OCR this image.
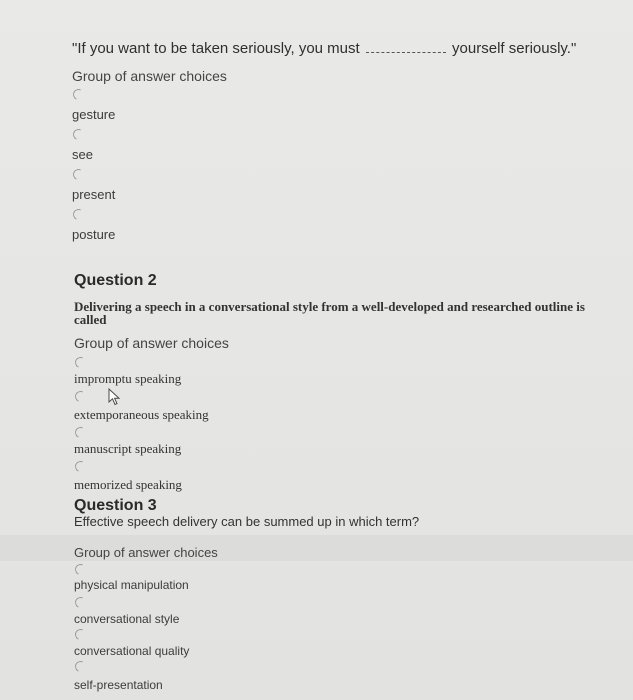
"If you want to be taken seriously, you must	yourself seriously."
Group of answer choices
gesture
see
present
posture
Question 2
Delivering a speech in a conversational style from a well-developed and researched outline is called
Group of answer choices
impromptu speaking
extemporaneous speaking
manuscript speaking
memorized speaking
Question 3
Effective speech delivery can be summed up in which term?
Group of answer choices
physical manipulation
conversational style
conversational quality
self-presentation
